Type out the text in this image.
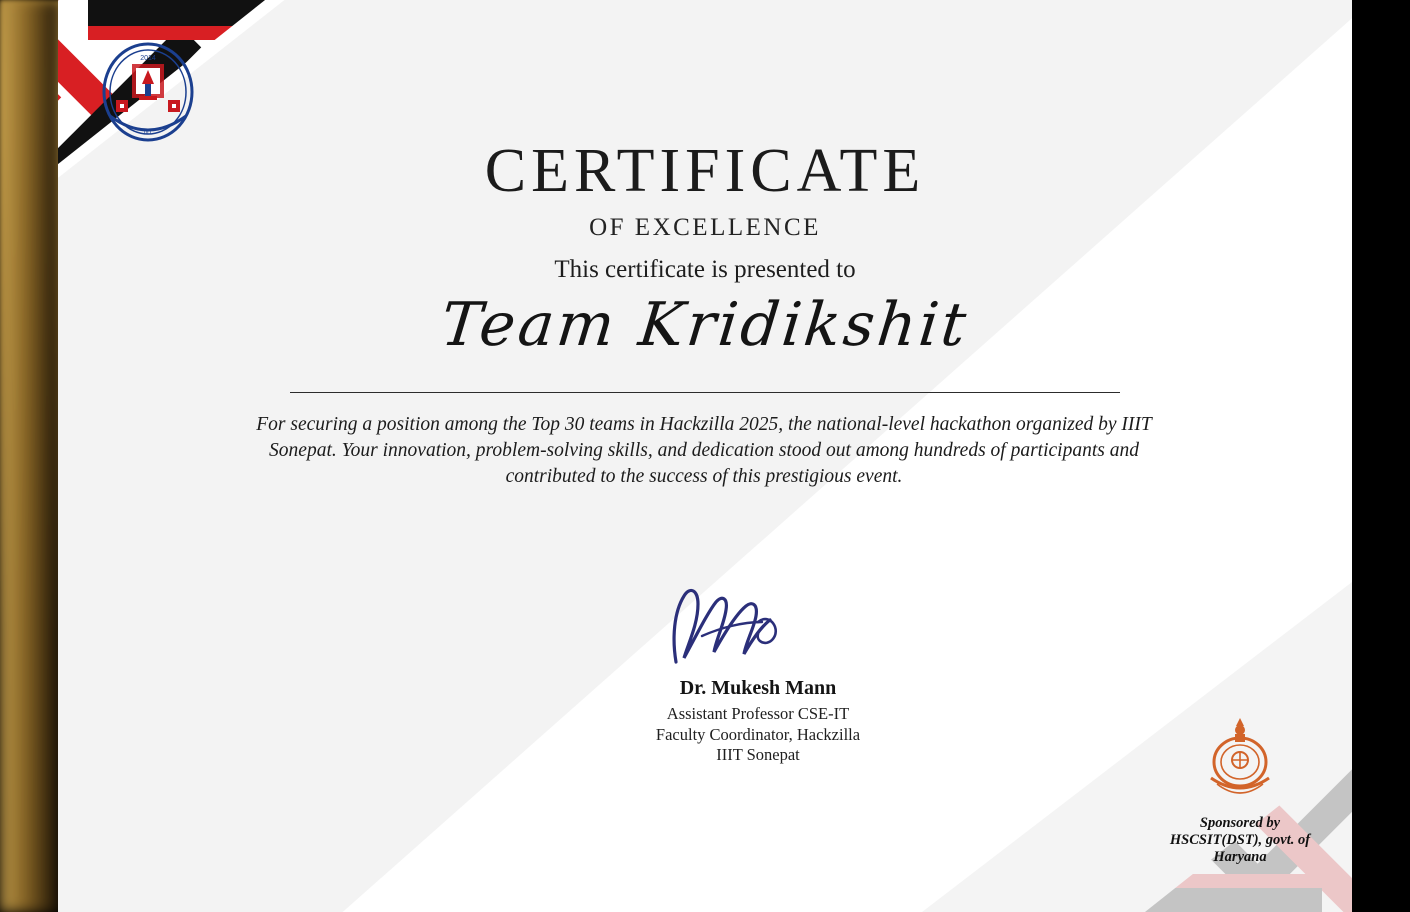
2014
IIIT
CERTIFICATE
OF EXCELLENCE
This certificate is presented to
Team Kridikshit
For securing a position among the Top 30 teams in Hackzilla 2025, the national-level hackathon organized by IIIT Sonepat. Your innovation, problem-solving skills, and dedication stood out among hundreds of participants and contributed to the success of this prestigious event.
Dr. Mukesh Mann
Assistant Professor CSE-IT
Faculty Coordinator, Hackzilla
IIIT Sonepat
Sponsored by
HSCSIT(DST), govt. of
Haryana
